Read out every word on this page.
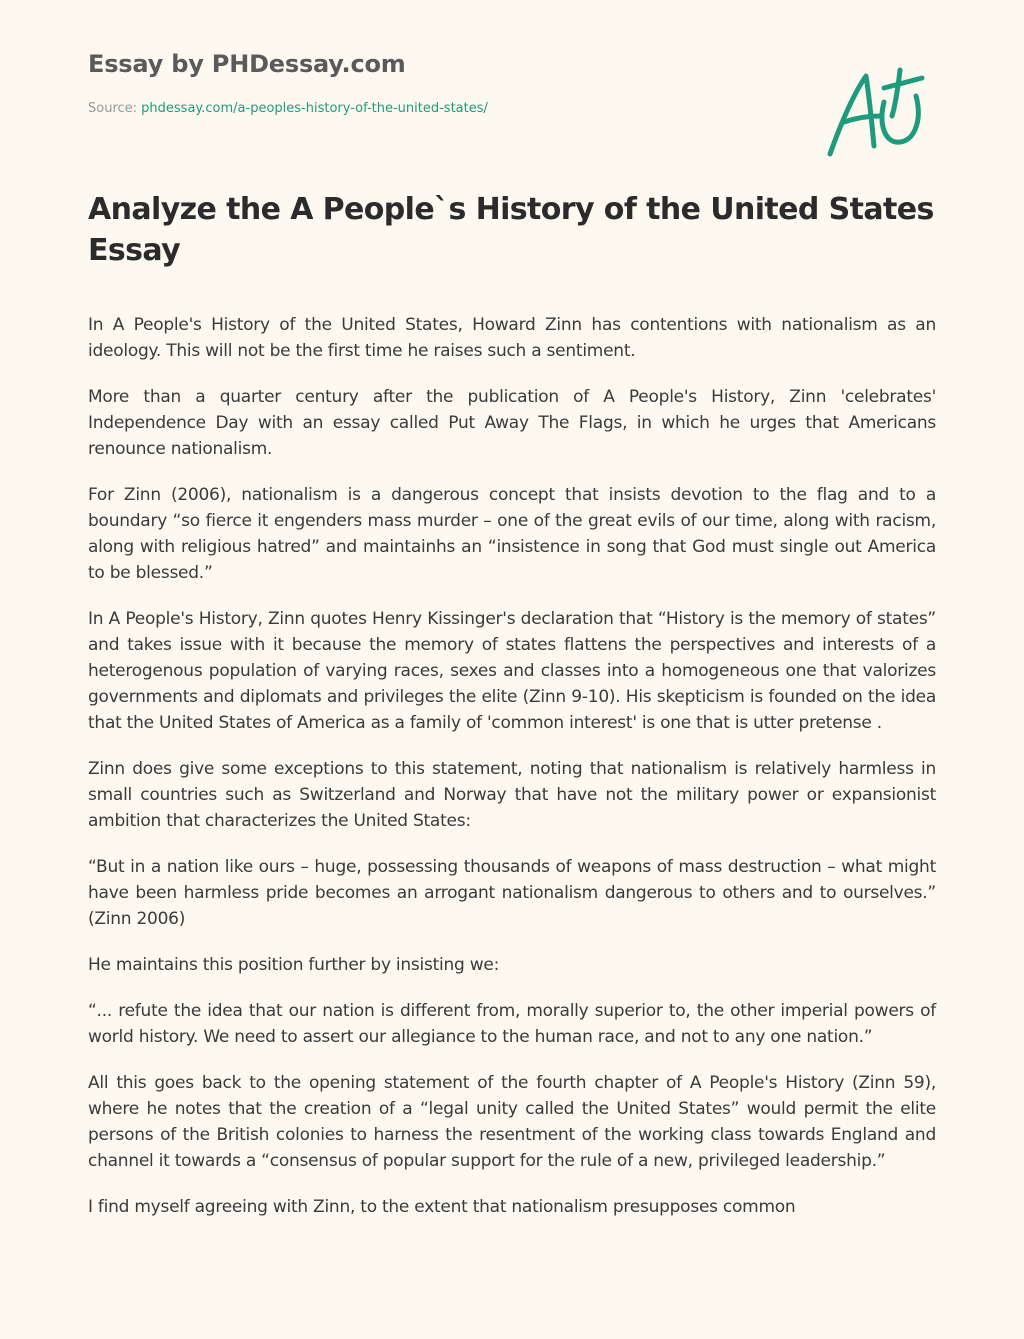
Essay by PHDessay.com
Source: phdessay.com/a-peoples-history-of-the-united-states/
Analyze the A People`s History of the United States Essay

In A People's History of the United States, Howard Zinn has contentions with nationalism as an ideology. This will not be the first time he raises such a sentiment.

More than a quarter century after the publication of A People's History, Zinn 'celebrates' Independence Day with an essay called Put Away The Flags, in which he urges that Americans renounce nationalism.

For Zinn (2006), nationalism is a dangerous concept that insists devotion to the flag and to a boundary “so fierce it engenders mass murder – one of the great evils of our time, along with racism, along with religious hatred” and maintainhs an “insistence in song that God must single out America to be blessed.”

In A People's History, Zinn quotes Henry Kissinger's declaration that “History is the memory of states” and takes issue with it because the memory of states flattens the perspectives and interests of a heterogenous population of varying races, sexes and classes into a homogeneous one that valorizes governments and diplomats and privileges the elite (Zinn 9-10). His skepticism is founded on the idea that the United States of America as a family of 'common interest' is one that is utter pretense .

Zinn does give some exceptions to this statement, noting that nationalism is relatively harmless in small countries such as Switzerland and Norway that have not the military power or expansionist ambition that characterizes the United States:

“But in a nation like ours – huge, possessing thousands of weapons of mass destruction – what might have been harmless pride becomes an arrogant nationalism dangerous to others and to ourselves.” (Zinn 2006)

He maintains this position further by insisting we:

“... refute the idea that our nation is different from, morally superior to, the other imperial powers of world history. We need to assert our allegiance to the human race, and not to any one nation.”

All this goes back to the opening statement of the fourth chapter of A People's History (Zinn 59), where he notes that the creation of a “legal unity called the United States” would permit the elite persons of the British colonies to harness the resentment of the working class towards England and channel it towards a “consensus of popular support for the rule of a new, privileged leadership.”

I find myself agreeing with Zinn, to the extent that nationalism presupposes common
